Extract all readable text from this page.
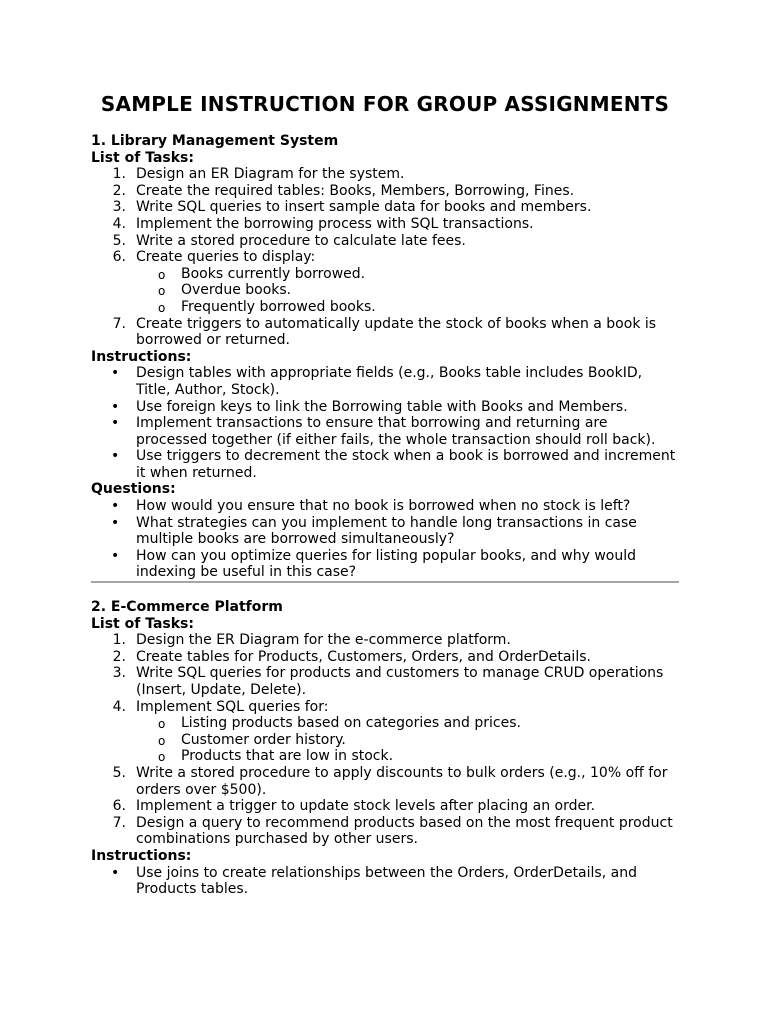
SAMPLE INSTRUCTION FOR GROUP ASSIGNMENTS
1. Library Management System
List of Tasks:
1. Design an ER Diagram for the system.
2. Create the required tables: Books, Members, Borrowing, Fines.
3. Write SQL queries to insert sample data for books and members.
4. Implement the borrowing process with SQL transactions.
5. Write a stored procedure to calculate late fees.
6. Create queries to display:
o Books currently borrowed.
o Overdue books.
o Frequently borrowed books.
7. Create triggers to automatically update the stock of books when a book is borrowed or returned.
Instructions:
• Design tables with appropriate fields (e.g., Books table includes BookID, Title, Author, Stock).
• Use foreign keys to link the Borrowing table with Books and Members.
• Implement transactions to ensure that borrowing and returning are processed together (if either fails, the whole transaction should roll back).
• Use triggers to decrement the stock when a book is borrowed and increment it when returned.
Questions:
• How would you ensure that no book is borrowed when no stock is left?
• What strategies can you implement to handle long transactions in case multiple books are borrowed simultaneously?
• How can you optimize queries for listing popular books, and why would indexing be useful in this case?
2. E-Commerce Platform
List of Tasks:
1. Design the ER Diagram for the e-commerce platform.
2. Create tables for Products, Customers, Orders, and OrderDetails.
3. Write SQL queries for products and customers to manage CRUD operations (Insert, Update, Delete).
4. Implement SQL queries for:
o Listing products based on categories and prices.
o Customer order history.
o Products that are low in stock.
5. Write a stored procedure to apply discounts to bulk orders (e.g., 10% off for orders over $500).
6. Implement a trigger to update stock levels after placing an order.
7. Design a query to recommend products based on the most frequent product combinations purchased by other users.
Instructions:
• Use joins to create relationships between the Orders, OrderDetails, and Products tables.
